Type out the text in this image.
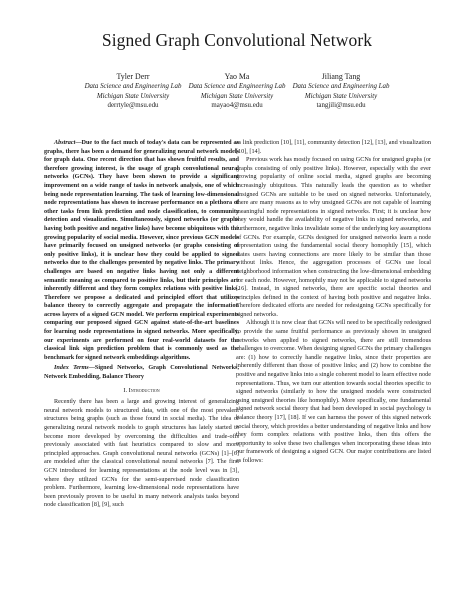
Signed Graph Convolutional Network
Tyler Derr
Data Science and Engineering Lab
Michigan State University
derrtyle@msu.edu
Yao Ma
Data Science and Engineering Lab
Michigan State University
mayao4@msu.edu
Jiliang Tang
Data Science and Engineering Lab
Michigan State University
tangjili@msu.edu

Abstract—Due to the fact much of today's data can be represented as graphs, there has been a demand for generalizing neural network models for graph data. One recent direction that has shown fruitful results, and therefore growing interest, is the usage of graph convolutional neural networks (GCNs). They have been shown to provide a significant improvement on a wide range of tasks in network analysis, one of which being node representation learning. The task of learning low-dimensional node representations has shown to increase performance on a plethora of other tasks from link prediction and node classification, to community detection and visualization. Simultaneously, signed networks (or graphs having both positive and negative links) have become ubiquitous with the growing popularity of social media. However, since previous GCN models have primarily focused on unsigned networks (or graphs consisting of only positive links), it is unclear how they could be applied to signed networks due to the challenges presented by negative links. The primary challenges are based on negative links having not only a different semantic meaning as compared to positive links, but their principles are inherently different and they form complex relations with positive links. Therefore we propose a dedicated and principled effort that utilizes balance theory to correctly aggregate and propagate the information across layers of a signed GCN model. We perform empirical experiments comparing our proposed signed GCN against state-of-the-art baselines for learning node representations in signed networks. More specifically, our experiments are performed on four real-world datasets for the classical link sign prediction problem that is commonly used as the benchmark for signed network embeddings algorithms.

Index Terms—Signed Networks, Graph Convolutional Networks, Network Embedding, Balance Theory

I. Introduction

Recently there has been a large and growing interest of generalizing neural network models to structured data, with one of the most prevalent structures being graphs (such as those found in social media). The idea of generalizing neural network models to graph structures has lately started to become more developed by overcoming the difficulties and trade-offs previously associated with fast heuristics compared to slow and more principled approaches. Graph convolutional neural networks (GCNs) [1]–[6] are modeled after the classical convolutional neural networks [7]. The first GCN introduced for learning representations at the node level was in [3], where they utilized GCNs for the semi-supervised node classification problem. Furthermore, learning low-dimensional node representations have been previously proven to be useful in many network analysis tasks beyond node classification [8], [9], such

as link prediction [10], [11], community detection [12], [13], and visualization [10], [14].

Previous work has mostly focused on using GCNs for unsigned graphs (or graphs consisting of only positive links). However, especially with the ever growing popularity of online social media, signed graphs are becoming increasingly ubiquitous. This naturally leads the question as to whether unsigned GCNs are suitable to be used on signed networks. Unfortunately, there are many reasons as to why unsigned GCNs are not capable of learning meaningful node representations in signed networks. First; it is unclear how they would handle the availability of negative links in signed networks, and furthermore, negative links invalidate some of the underlying key assumptions of GCNs. For example, GCNs designed for unsigned networks learn a node representation using the fundamental social theory homophily [15], which states users having connections are more likely to be similar than those without links. Hence, the aggregation processes of GCNs use local neighborhood information when constructing the low-dimensional embedding for each node. However, homophily may not be applicable to signed networks [16]. Instead, in signed networks, there are specific social theories and principles defined in the context of having both positive and negative links. Therefore dedicated efforts are needed for redesigning GCNs specifically for signed networks.

Although it is now clear that GCNs will need to be specifically redesigned to provide the same fruitful performance as previously shown in unsigned networks when applied to signed networks, there are still tremendous challenges to overcome. When designing signed GCNs the primary challenges are: (1) how to correctly handle negative links, since their properties are inherently different than those of positive links; and (2) how to combine the positive and negative links into a single coherent model to learn effective node representations. Thus, we turn our attention towards social theories specific to signed networks (similarly to how the unsigned models were constructed using unsigned theories like homophily). More specifically, one fundamental signed network social theory that had been developed in social psychology is balance theory [17], [18]. If we can harness the power of this signed network social theory, which provides a better understanding of negative links and how they form complex relations with positive links, then this offers the opportunity to solve these two challenges when incorporating these ideas into our framework of designing a signed GCN. Our major contributions are listed as follows:
